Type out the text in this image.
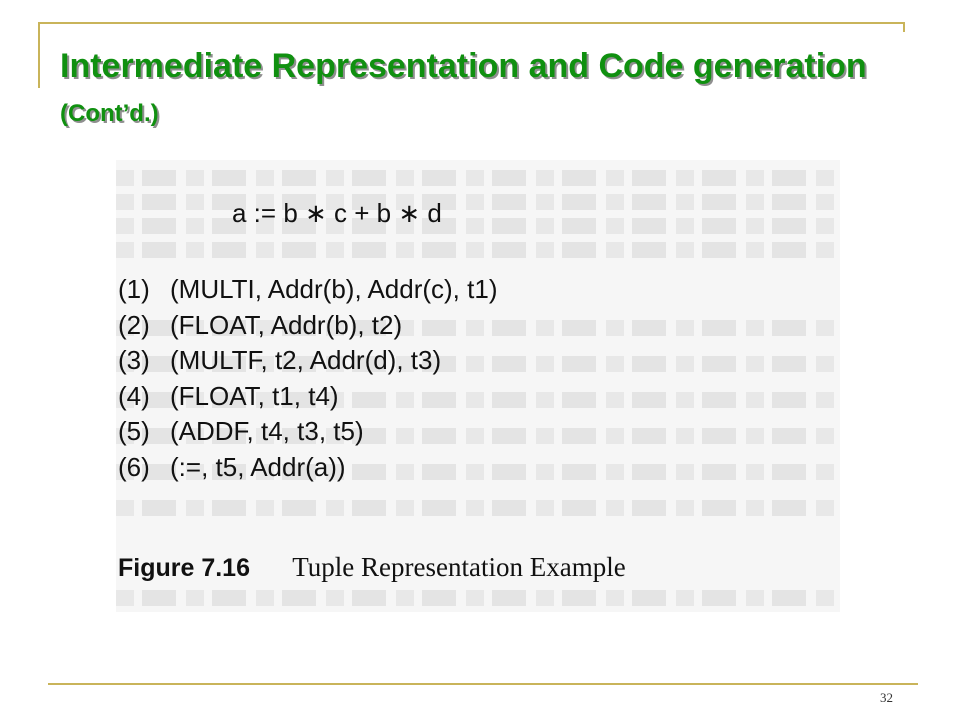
Intermediate Representation and Code generation (Cont’d.)
a := b ∗ c + b ∗ d
(1) (MULTI, Addr(b), Addr(c), t1)
(2) (FLOAT, Addr(b), t2)
(3) (MULTF, t2, Addr(d), t3)
(4) (FLOAT, t1, t4)
(5) (ADDF, t4, t3, t5)
(6) (:=, t5, Addr(a))
Figure 7.16 Tuple Representation Example
32
